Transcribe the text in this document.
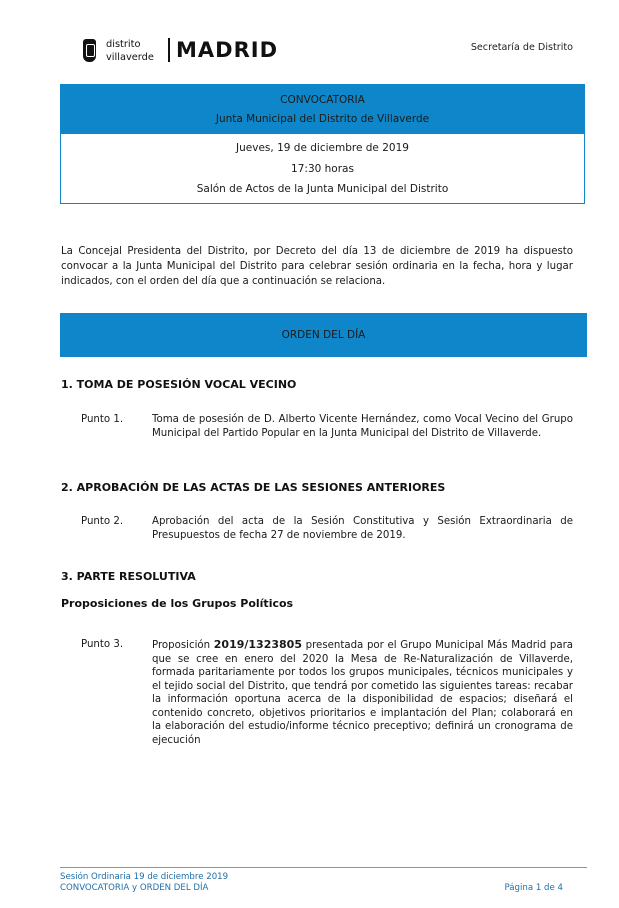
distrito
villaverde MADRID	Secretaría de Distrito
CONVOCATORIA
Junta Municipal del Distrito de Villaverde
Jueves, 19 de diciembre de 2019
17:30 horas
Salón de Actos de la Junta Municipal del Distrito
La Concejal Presidenta del Distrito, por Decreto del día 13 de diciembre de 2019 ha dispuesto convocar a la Junta Municipal del Distrito para celebrar sesión ordinaria en la fecha, hora y lugar indicados, con el orden del día que a continuación se relaciona.
ORDEN DEL DÍA
1. TOMA DE POSESIÓN VOCAL VECINO
Punto 1.	Toma de posesión de D. Alberto Vicente Hernández, como Vocal Vecino del Grupo Municipal del Partido Popular en la Junta Municipal del Distrito de Villaverde.
2. APROBACIÓN DE LAS ACTAS DE LAS SESIONES ANTERIORES
Punto 2.	Aprobación del acta de la Sesión Constitutiva y Sesión Extraordinaria de Presupuestos de fecha 27 de noviembre de 2019.
3. PARTE RESOLUTIVA
Proposiciones de los Grupos Políticos
Punto 3.	Proposición 2019/1323805 presentada por el Grupo Municipal Más Madrid para que se cree en enero del 2020 la Mesa de Re-Naturalización de Villaverde, formada paritariamente por todos los grupos municipales, técnicos municipales y el tejido social del Distrito, que tendrá por cometido las siguientes tareas: recabar la información oportuna acerca de la disponibilidad de espacios; diseñará el contenido concreto, objetivos prioritarios e implantación del Plan; colaborará en la elaboración del estudio/informe técnico preceptivo; definirá un cronograma de ejecución
Sesión Ordinaria 19 de diciembre 2019
CONVOCATORIA y ORDEN DEL DÍA	Página 1 de 4
